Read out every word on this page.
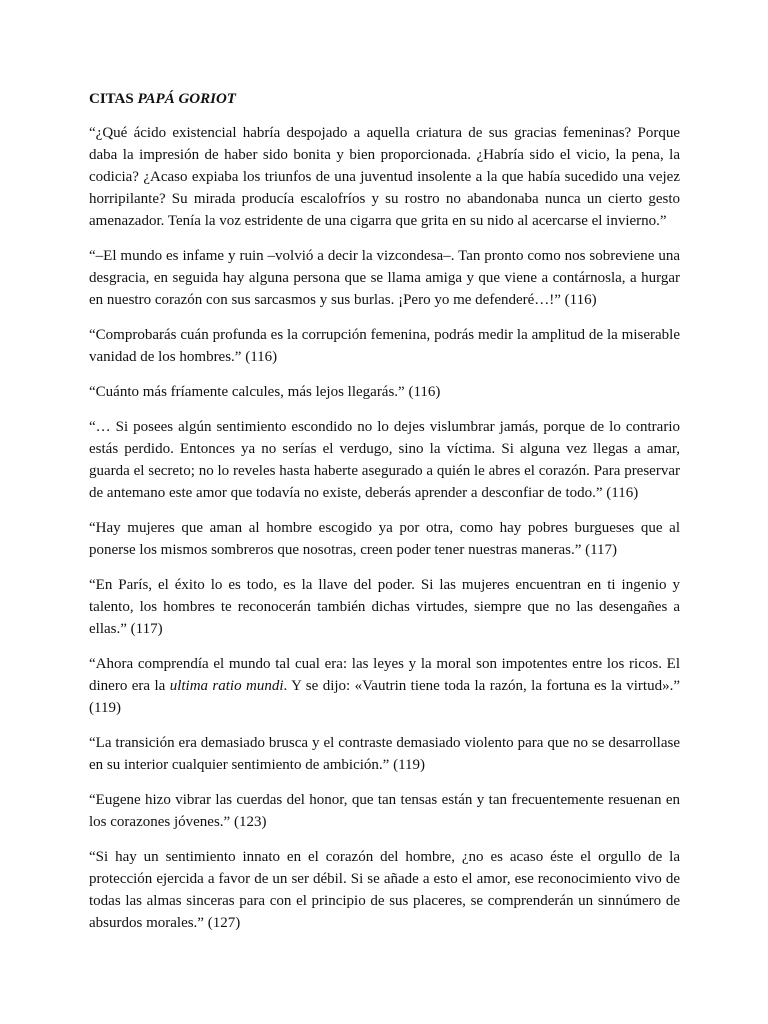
CITAS PAPÁ GORIOT

“¿Qué ácido existencial habría despojado a aquella criatura de sus gracias femeninas? Porque daba la impresión de haber sido bonita y bien proporcionada. ¿Habría sido el vicio, la pena, la codicia? ¿Acaso expiaba los triunfos de una juventud insolente a la que había sucedido una vejez horripilante? Su mirada producía escalofríos y su rostro no abandonaba nunca un cierto gesto amenazador. Tenía la voz estridente de una cigarra que grita en su nido al acercarse el invierno.”

“–El mundo es infame y ruin –volvió a decir la vizcondesa–. Tan pronto como nos sobreviene una desgracia, en seguida hay alguna persona que se llama amiga y que viene a contárnosla, a hurgar en nuestro corazón con sus sarcasmos y sus burlas. ¡Pero yo me defenderé…!” (116)

“Comprobarás cuán profunda es la corrupción femenina, podrás medir la amplitud de la miserable vanidad de los hombres.” (116)

“Cuánto más fríamente calcules, más lejos llegarás.” (116)

“… Si posees algún sentimiento escondido no lo dejes vislumbrar jamás, porque de lo contrario estás perdido. Entonces ya no serías el verdugo, sino la víctima. Si alguna vez llegas a amar, guarda el secreto; no lo reveles hasta haberte asegurado a quién le abres el corazón. Para preservar de antemano este amor que todavía no existe, deberás aprender a desconfiar de todo.” (116)

“Hay mujeres que aman al hombre escogido ya por otra, como hay pobres burgueses que al ponerse los mismos sombreros que nosotras, creen poder tener nuestras maneras.” (117)

“En París, el éxito lo es todo, es la llave del poder. Si las mujeres encuentran en ti ingenio y talento, los hombres te reconocerán también dichas virtudes, siempre que no las desengañes a ellas.” (117)

“Ahora comprendía el mundo tal cual era: las leyes y la moral son impotentes entre los ricos. El dinero era la ultima ratio mundi. Y se dijo: «Vautrin tiene toda la razón, la fortuna es la virtud».” (119)

“La transición era demasiado brusca y el contraste demasiado violento para que no se desarrollase en su interior cualquier sentimiento de ambición.” (119)

“Eugene hizo vibrar las cuerdas del honor, que tan tensas están y tan frecuentemente resuenan en los corazones jóvenes.” (123)

“Si hay un sentimiento innato en el corazón del hombre, ¿no es acaso éste el orgullo de la protección ejercida a favor de un ser débil. Si se añade a esto el amor, ese reconocimiento vivo de todas las almas sinceras para con el principio de sus placeres, se comprenderán un sinnúmero de absurdos morales.” (127)
